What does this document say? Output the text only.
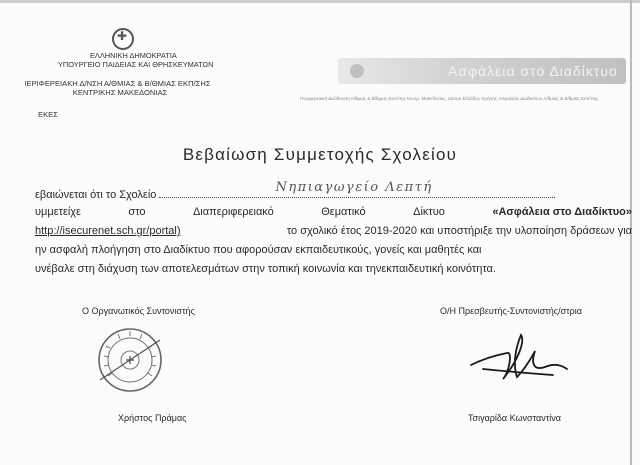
✚
ΕΛΛΗΝΙΚΗ ΔΗΜΟΚΡΑΤΙΑ
ΥΠΟΥΡΓΕΙΟ ΠΑΙΔΕΙΑΣ ΚΑΙ ΘΡΗΣΚΕΥΜΑΤΩΝ
ΙΕΡΙΦΕΡΕΙΑΚΗ Δ/ΝΣΗ Α/ΘΜΙΑΣ & Β/ΘΜΙΑΣ ΕΚΠ/ΣΗΣ
ΚΕΝΤΡΙΚΗΣ ΜΑΚΕΔΟΝΙΑΣ
ΕΚΕΣ
Ασφάλεια στο Διαδίκτυο
Περιφερειακή Διεύθυνση Α/θμιας & Β/θμιας Εκπ/σης Κεντρ. Μακεδονίας, Δίκτυο Ελλάδος Χρήσης Ασφαλούς Διαδικτύου Α/θμιας & Β/θμιας Εκπ/σης
Βεβαίωση Συμμετοχής Σχολείου
εβαιώνεται ότι το Σχολείο	Νηπιαγωγείο Λεπτή
υμμετείχε	στο	Διαπεριφερειακό	Θεματικό	Δίκτυο	«Ασφάλεια στο Διαδίκτυο»
http://isecurenet.sch.gr/portal)	το σχολικό έτος 2019-2020 και υποστήριξε την υλοποίηση δράσεων για
ην ασφαλή πλοήγηση στο Διαδίκτυο που αφορούσαν εκπαιδευτικούς, γονείς και μαθητές και
υνέβαλε στη διάχυση των αποτελεσμάτων στην τοπική κοινωνία και τηνεκπαιδευτική κοινότητα.
Ο Οργανωτικός Συντονιστής	Ο/Η Πρεσβευτής-Συντονιστής/στρια
Χρήστος Πράμας	Τσιγαρίδα Κωνσταντίνα
